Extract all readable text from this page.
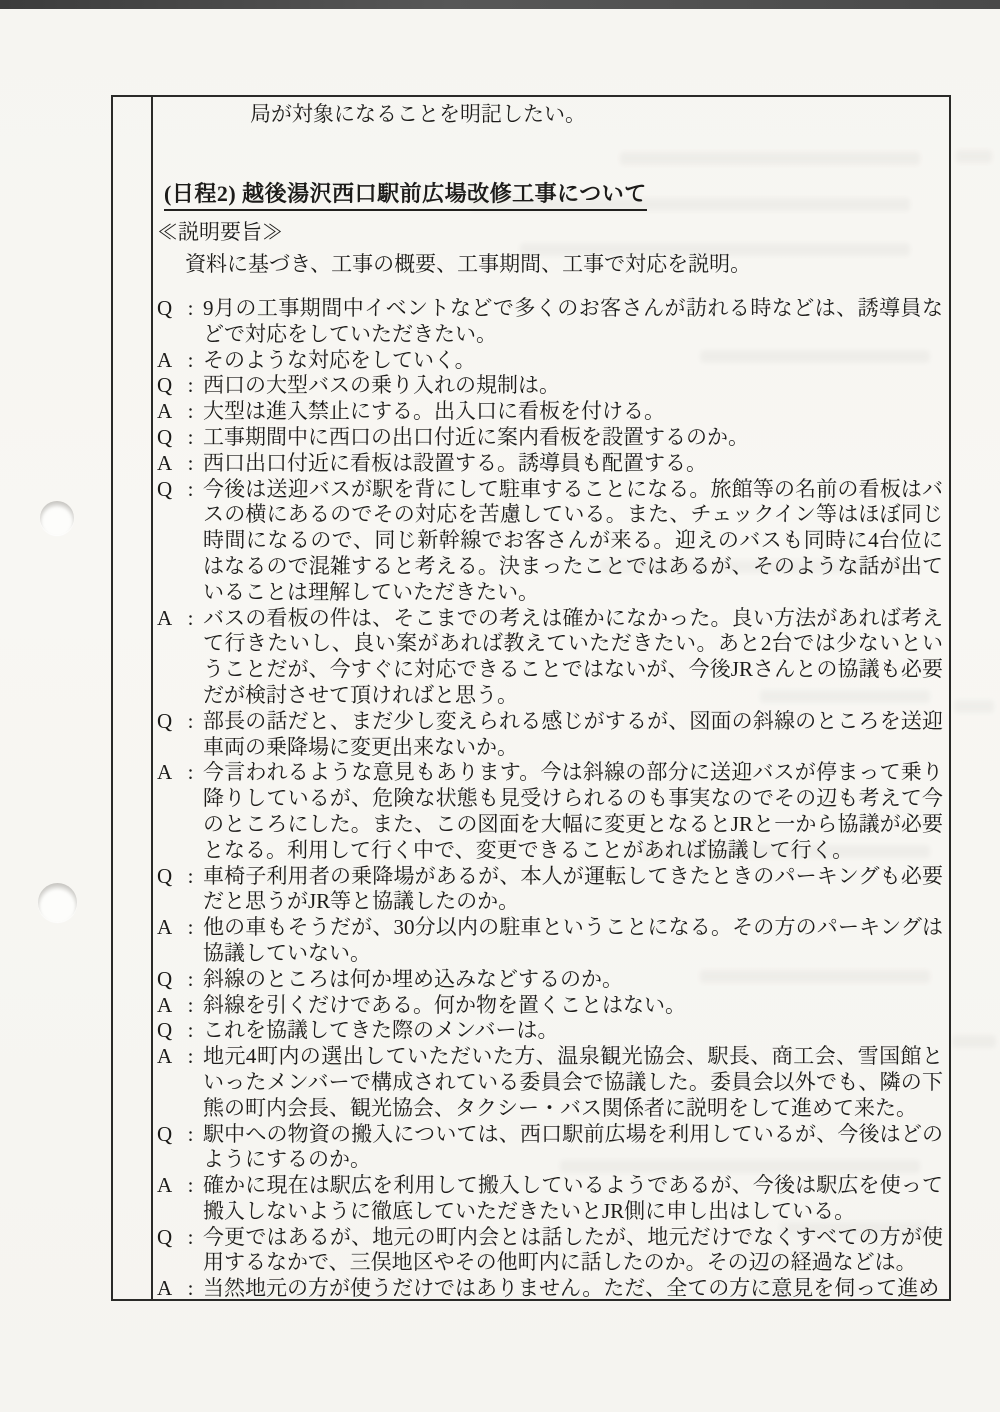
局が対象になることを明記したい。

(日程2) 越後湯沢西口駅前広場改修工事について

≪説明要旨≫

資料に基づき、工事の概要、工事期間、工事で対応を説明。

Q : 9月の工事期間中イベントなどで多くのお客さんが訪れる時などは、誘導員などで対応をしていただきたい。

A : そのような対応をしていく。

Q : 西口の大型バスの乗り入れの規制は。

A : 大型は進入禁止にする。出入口に看板を付ける。

Q : 工事期間中に西口の出口付近に案内看板を設置するのか。

A : 西口出口付近に看板は設置する。誘導員も配置する。

Q : 今後は送迎バスが駅を背にして駐車することになる。旅館等の名前の看板はバスの横にあるのでその対応を苦慮している。また、チェックイン等はほぼ同じ時間になるので、同じ新幹線でお客さんが来る。迎えのバスも同時に4台位にはなるので混雑すると考える。決まったことではあるが、そのような話が出ていることは理解していただきたい。

A : バスの看板の件は、そこまでの考えは確かになかった。良い方法があれば考えて行きたいし、良い案があれば教えていただきたい。あと2台では少ないということだが、今すぐに対応できることではないが、今後JRさんとの協議も必要だが検討させて頂ければと思う。

Q : 部長の話だと、まだ少し変えられる感じがするが、図面の斜線のところを送迎車両の乗降場に変更出来ないか。

A : 今言われるような意見もあります。今は斜線の部分に送迎バスが停まって乗り降りしているが、危険な状態も見受けられるのも事実なのでその辺も考えて今のところにした。また、この図面を大幅に変更となるとJRと一から協議が必要となる。利用して行く中で、変更できることがあれば協議して行く。

Q : 車椅子利用者の乗降場があるが、本人が運転してきたときのパーキングも必要だと思うがJR等と協議したのか。

A : 他の車もそうだが、30分以内の駐車ということになる。その方のパーキングは協議していない。

Q : 斜線のところは何か埋め込みなどするのか。

A : 斜線を引くだけである。何か物を置くことはない。

Q : これを協議してきた際のメンバーは。

A : 地元4町内の選出していただいた方、温泉観光協会、駅長、商工会、雪国館といったメンバーで構成されている委員会で協議した。委員会以外でも、隣の下熊の町内会長、観光協会、タクシー・バス関係者に説明をして進めて来た。

Q : 駅中への物資の搬入については、西口駅前広場を利用しているが、今後はどのようにするのか。

A : 確かに現在は駅広を利用して搬入しているようであるが、今後は駅広を使って搬入しないように徹底していただきたいとJR側に申し出はしている。

Q : 今更ではあるが、地元の町内会とは話したが、地元だけでなくすべての方が使用するなかで、三俣地区やその他町内に話したのか。その辺の経過などは。

A : 当然地元の方が使うだけではありません。ただ、全ての方に意見を伺って進め
